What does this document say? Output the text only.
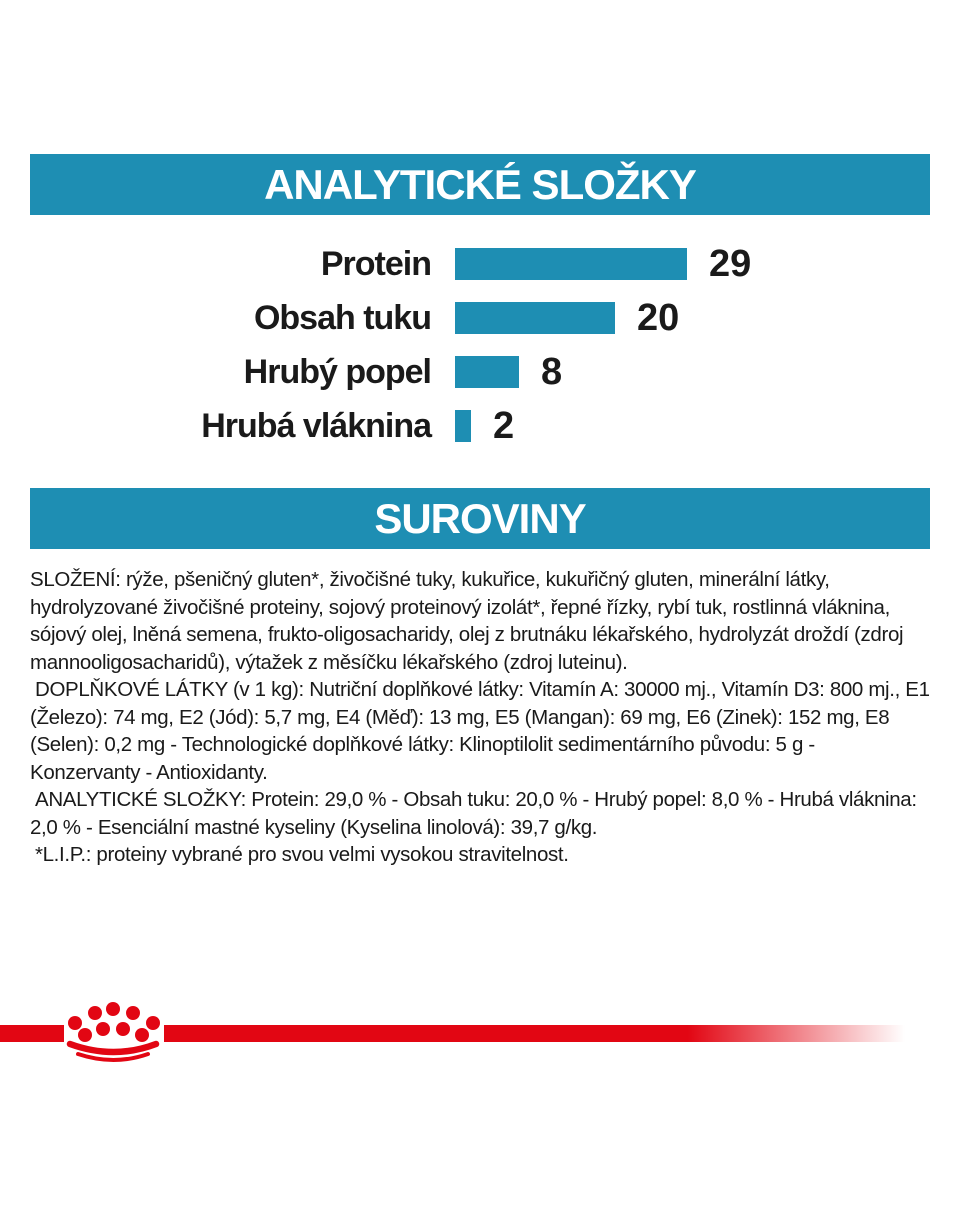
ANALYTICKÉ SLOŽKY
Protein	29
Obsah tuku	20
Hrubý popel	8
Hrubá vláknina	2
SUROVINY

SLOŽENÍ: rýže, pšeničný gluten*, živočišné tuky, kukuřice, kukuřičný gluten, minerální látky, hydrolyzované živočišné proteiny, sojový proteinový izolát*, řepné řízky, rybí tuk, rostlinná vláknina, sójový olej, lněná semena, frukto-oligosacharidy, olej z brutnáku lékařského, hydrolyzát droždí (zdroj mannooligosacharidů), výtažek z měsíčku lékařského (zdroj luteinu).

DOPLŇKOVÉ LÁTKY (v 1 kg): Nutriční doplňkové látky: Vitamín A: 30000 mj., Vitamín D3: 800 mj., E1 (Železo): 74 mg, E2 (Jód): 5,7 mg, E4 (Měď): 13 mg, E5 (Mangan): 69 mg, E6 (Zinek): 152 mg, E8 (Selen): 0,2 mg - Technologické doplňkové látky: Klinoptilolit sedimentárního původu: 5 g - Konzervanty - Antioxidanty.

ANALYTICKÉ SLOŽKY: Protein: 29,0 % - Obsah tuku: 20,0 % - Hrubý popel: 8,0 % - Hrubá vláknina: 2,0 % - Esenciální mastné kyseliny (Kyselina linolová): 39,7 g/kg.

*L.I.P.: proteiny vybrané pro svou velmi vysokou stravitelnost.
